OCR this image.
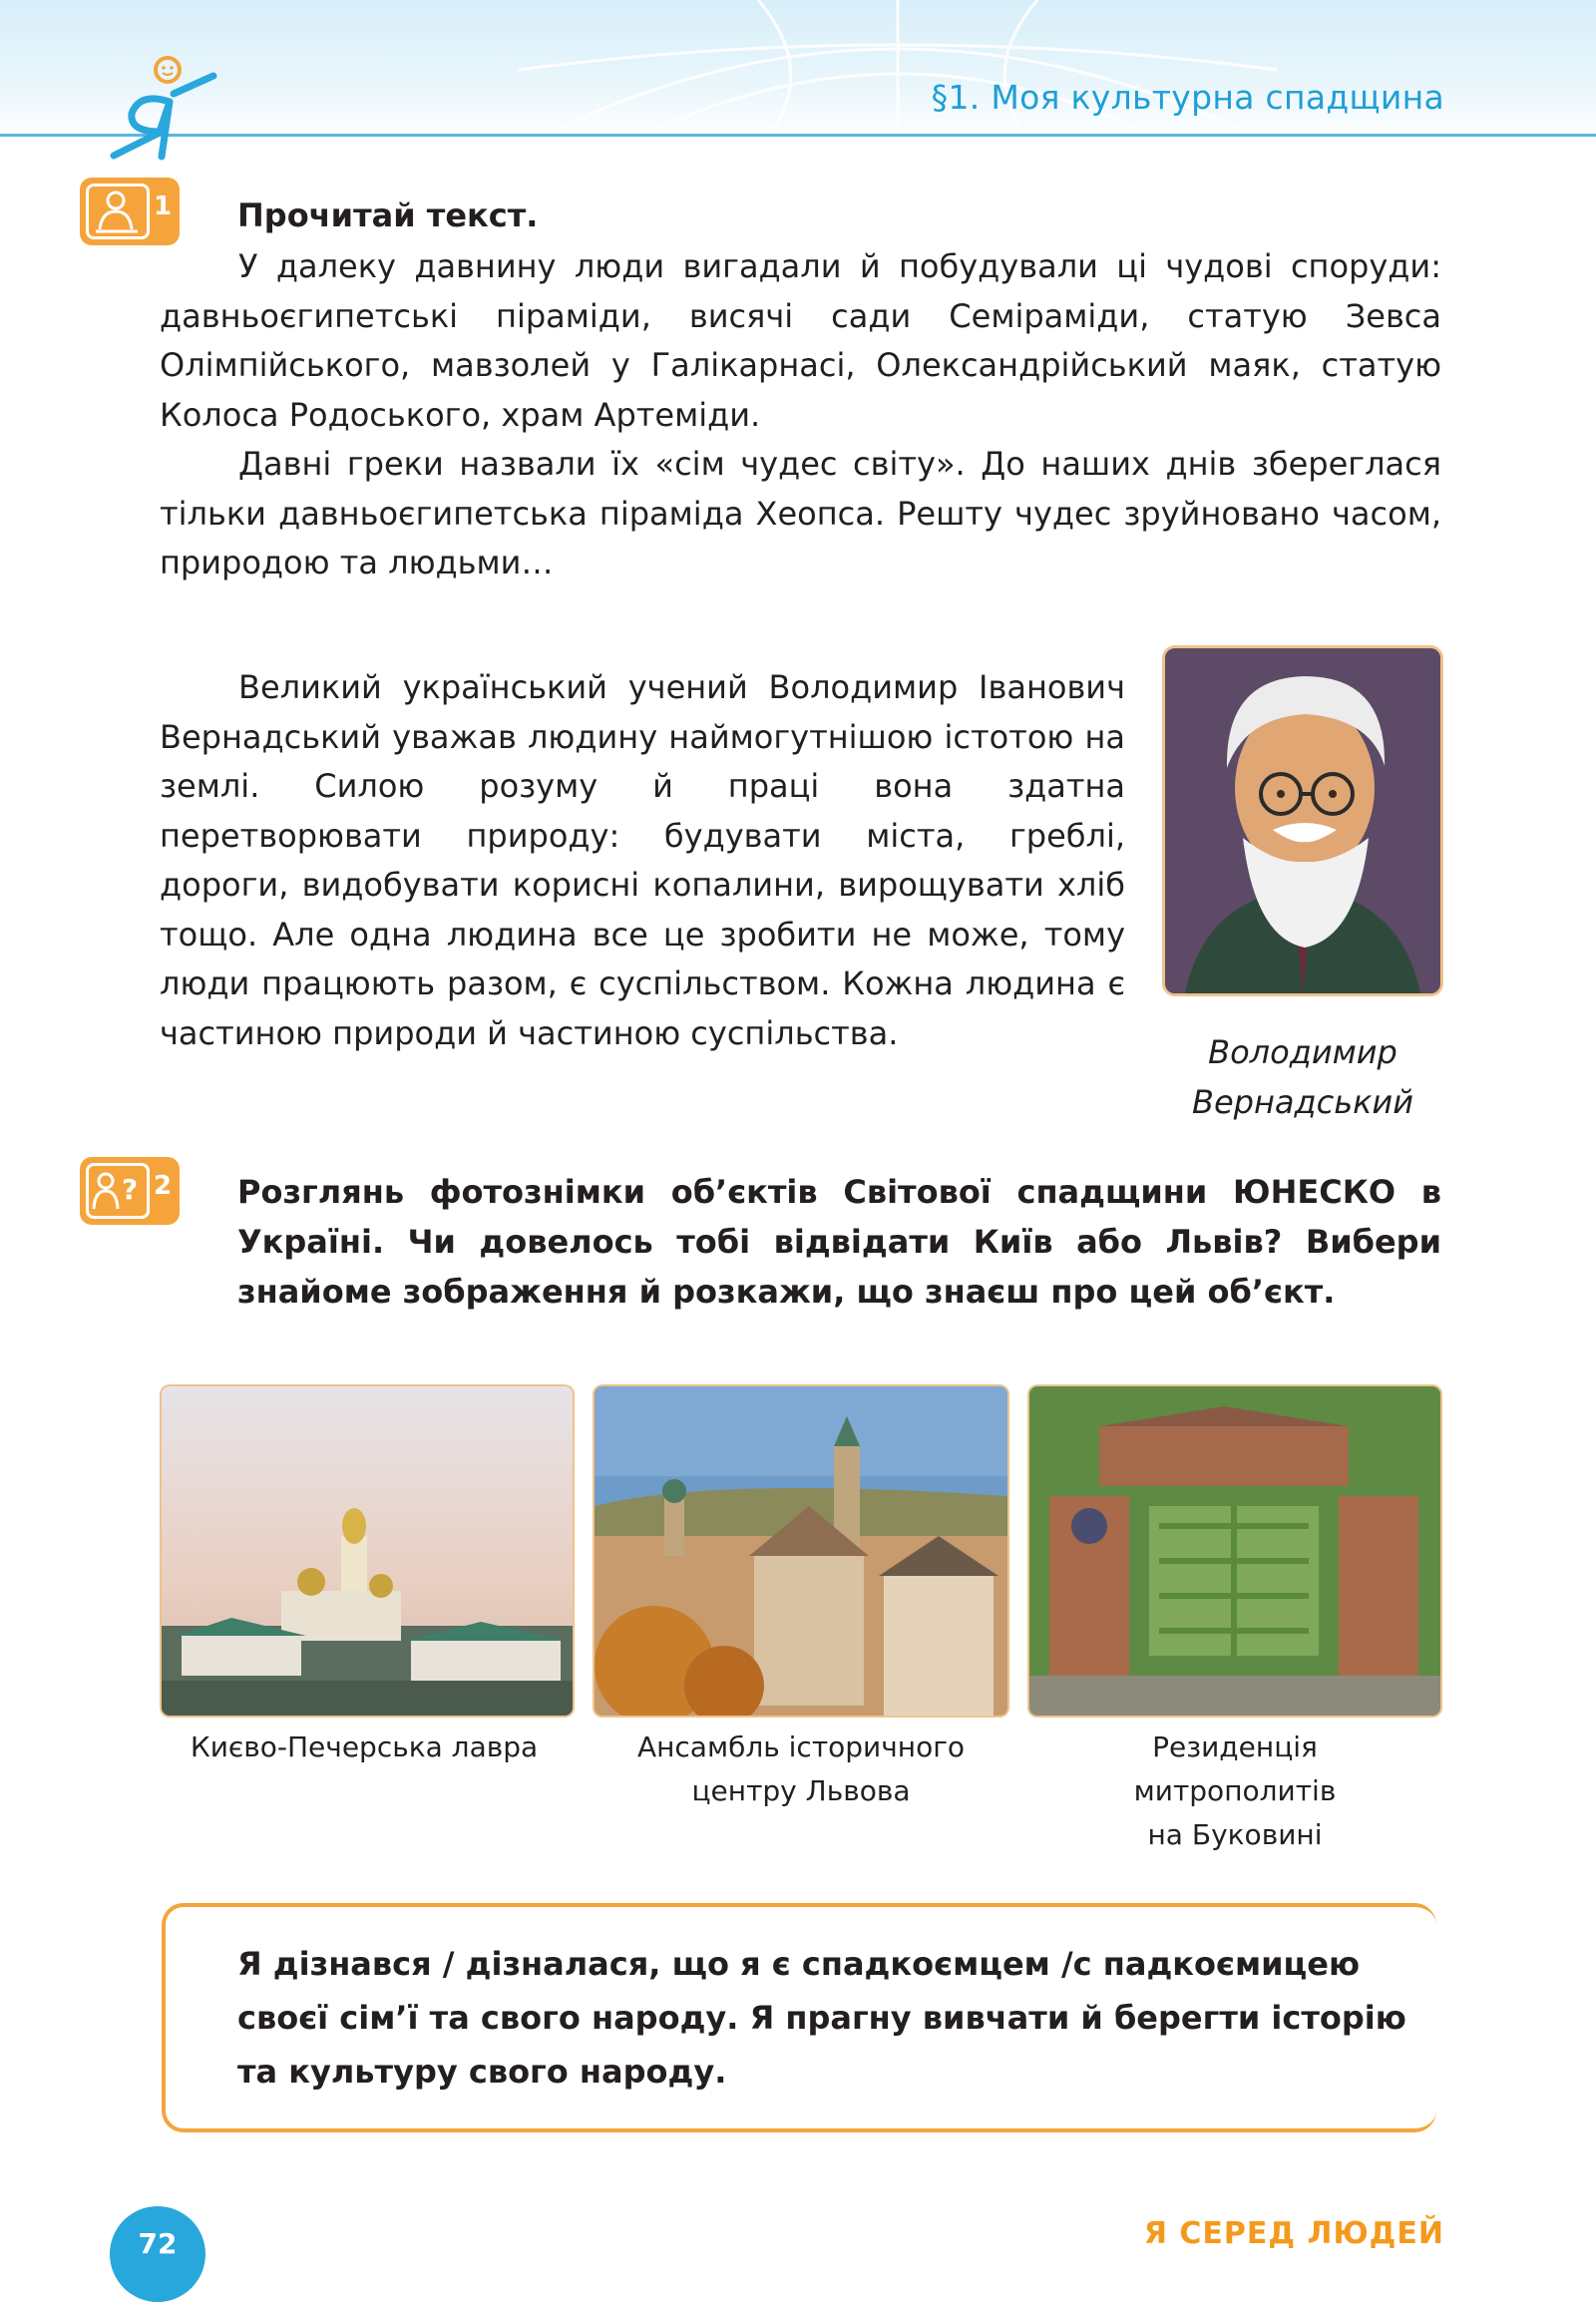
§1. Моя культурна спадщина
1 Прочитай текст.

У далеку давнину люди вигадали й побудували ці чудові споруди: давньоєгипетські піраміди, висячі сади Семіраміди, статую Зевса Олімпійського, мавзолей у Галікарнасі, Олександрійський маяк, статую Колоса Родоського, храм Артеміди.

Давні греки назвали їх «сім чудес світу». До наших днів збереглася тільки давньоєгипетська піраміда Хеопса. Решту чудес зруйновано часом, природою та людьми…

Великий український учений Володимир Іванович Вернадський уважав людину наймогутнішою істотою на землі. Силою розуму й праці вона здатна перетворювати природу: будувати міста, греблі, дороги, видобувати корисні копалини, вирощувати хліб тощо. Але одна людина все це зробити не може, тому люди працюють разом, є суспільством. Кожна людина є частиною природи й частиною суспільства.

Володимир
Вернадський
? 2 Розглянь фотознімки об’єктів Світової спадщини ЮНЕСКО в Україні. Чи довелось тобі відвідати Київ або Львів? Вибери знайоме зображення й розкажи, що знаєш про цей об’єкт.
Києво-Печерська лавра	Ансамбль історичного
центру Львова
Резиденція
митрополитів
на Буковині
Я дізнався / дізналася, що я є спадкоємцем /с падкоємицею своєї сім’ї та свого народу. Я прагну вивчати й берегти історію та культуру свого народу.
72	Я СЕРЕД ЛЮДЕЙ
